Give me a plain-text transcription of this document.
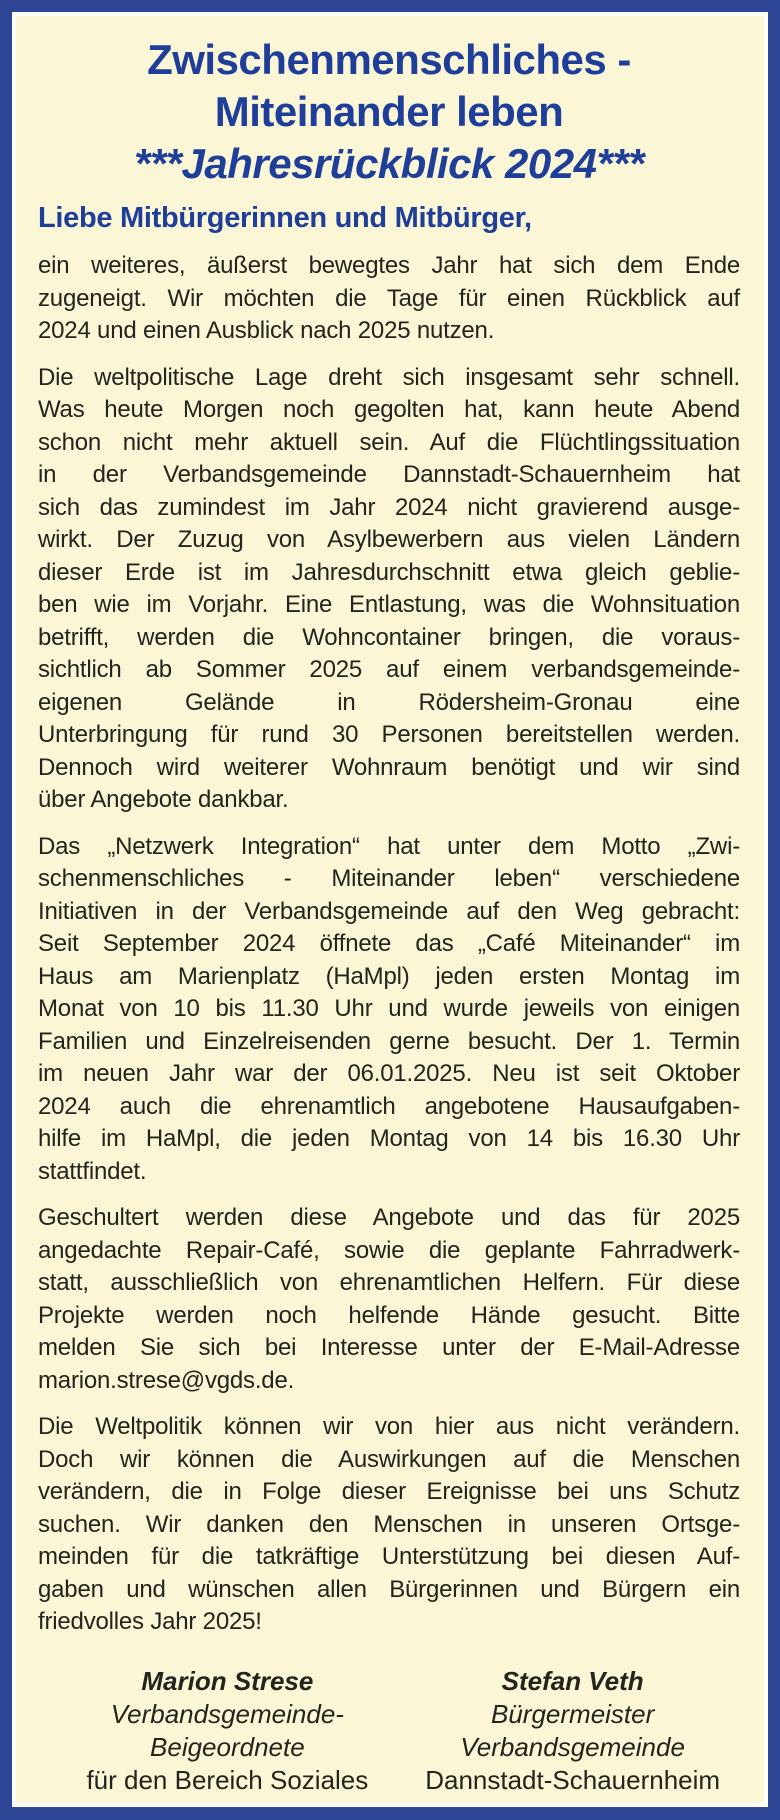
Zwischenmenschliches -
Miteinander leben
***Jahresrückblick 2024***
Liebe Mitbürgerinnen und Mitbürger,
ein weiteres, äußerst bewegtes Jahr hat sich dem Ende
zugeneigt. Wir möchten die Tage für einen Rückblick auf
2024 und einen Ausblick nach 2025 nutzen.
Die weltpolitische Lage dreht sich insgesamt sehr schnell.
Was heute Morgen noch gegolten hat, kann heute Abend
schon nicht mehr aktuell sein. Auf die Flüchtlingssituation
in der Verbandsgemeinde Dannstadt-Schauernheim hat
sich das zumindest im Jahr 2024 nicht gravierend ausge-
wirkt. Der Zuzug von Asylbewerbern aus vielen Ländern
dieser Erde ist im Jahresdurchschnitt etwa gleich geblie-
ben wie im Vorjahr. Eine Entlastung, was die Wohnsituation
betrifft, werden die Wohncontainer bringen, die voraus-
sichtlich ab Sommer 2025 auf einem verbandsgemeinde-
eigenen Gelände in Rödersheim-Gronau eine
Unterbringung für rund 30 Personen bereitstellen werden.
Dennoch wird weiterer Wohnraum benötigt und wir sind
über Angebote dankbar.
Das „Netzwerk Integration“ hat unter dem Motto „Zwi-
schenmenschliches - Miteinander leben“ verschiedene
Initiativen in der Verbandsgemeinde auf den Weg gebracht:
Seit September 2024 öffnete das „Café Miteinander“ im
Haus am Marienplatz (HaMpl) jeden ersten Montag im
Monat von 10 bis 11.30 Uhr und wurde jeweils von einigen
Familien und Einzelreisenden gerne besucht. Der 1. Termin
im neuen Jahr war der 06.01.2025. Neu ist seit Oktober
2024 auch die ehrenamtlich angebotene Hausaufgaben-
hilfe im HaMpl, die jeden Montag von 14 bis 16.30 Uhr
stattfindet.
Geschultert werden diese Angebote und das für 2025
angedachte Repair-Café, sowie die geplante Fahrradwerk-
statt, ausschließlich von ehrenamtlichen Helfern. Für diese
Projekte werden noch helfende Hände gesucht. Bitte
melden Sie sich bei Interesse unter der E-Mail-Adresse
marion.strese@vgds.de.
Die Weltpolitik können wir von hier aus nicht verändern.
Doch wir können die Auswirkungen auf die Menschen
verändern, die in Folge dieser Ereignisse bei uns Schutz
suchen. Wir danken den Menschen in unseren Ortsge-
meinden für die tatkräftige Unterstützung bei diesen Auf-
gaben und wünschen allen Bürgerinnen und Bürgern ein
friedvolles Jahr 2025!
Marion Strese
Verbandsgemeinde-
Beigeordnete
für den Bereich Soziales
Stefan Veth
Bürgermeister
Verbandsgemeinde
Dannstadt-Schauernheim
